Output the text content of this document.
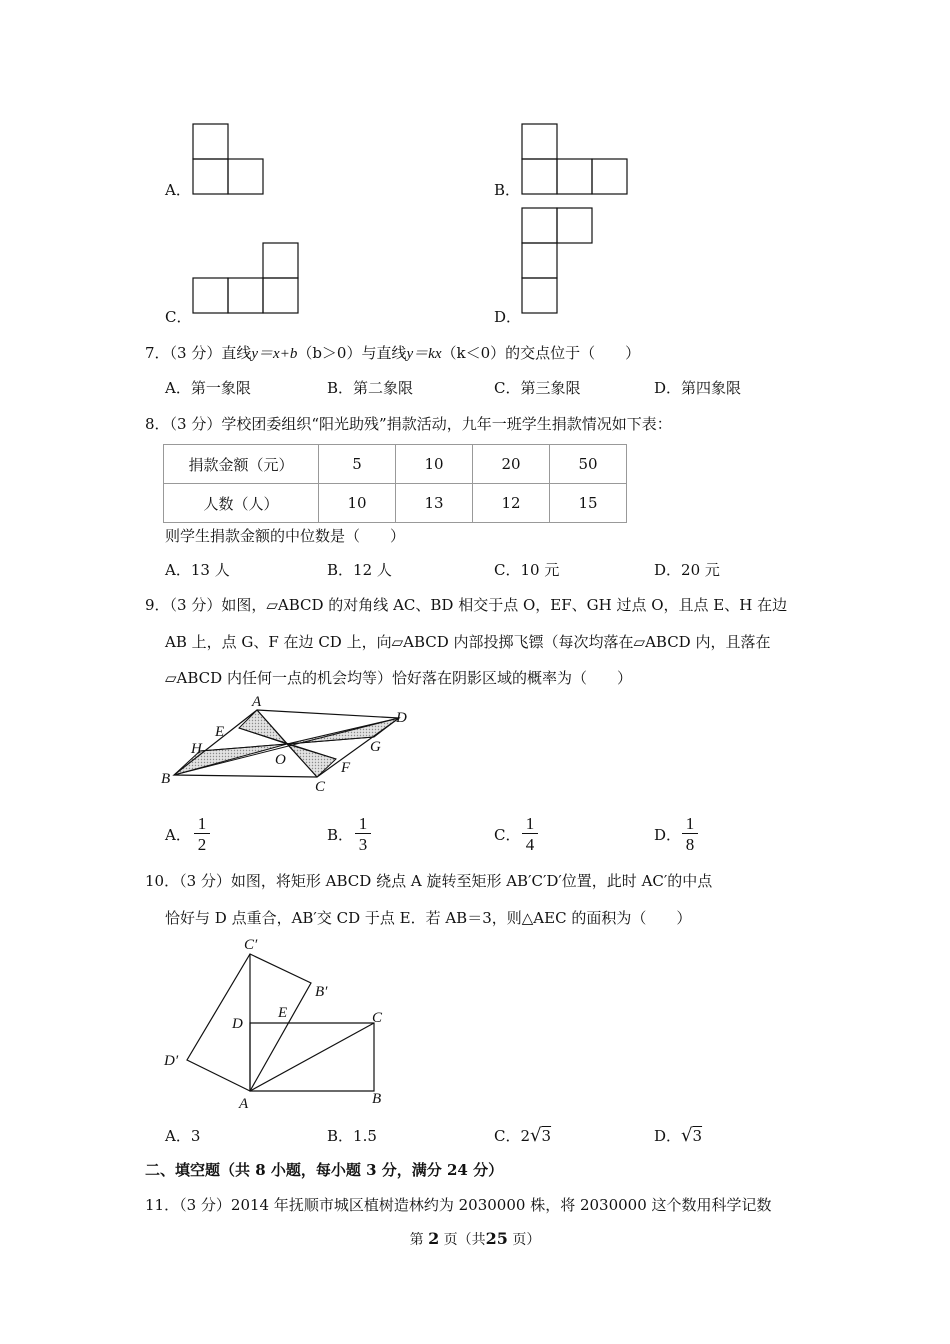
A．	B．
C．	D．
7．（3 分）直线y＝x+b（b＞0）与直线y＝kx（k＜0）的交点位于（　　）
A．第一象限	B．第二象限	C．第三象限	D．第四象限
8．（3 分）学校团委组织“阳光助残”捐款活动，九年一班学生捐款情况如下表：
捐款金额（元）	5	10	20	50
人数（人）	10	13	12	15
则学生捐款金额的中位数是（　　）
A．13 人	B．12 人	C．10 元	D．20 元
9．（3 分）如图，▱ABCD 的对角线 AC、BD 相交于点 O，EF、GH 过点 O，且点 E、H 在边
AB 上，点 G、F 在边 CD 上，向▱ABCD 内部投掷飞镖（每次均落在▱ABCD 内，且落在
▱ABCD 内任何一点的机会均等）恰好落在阴影区域的概率为（　　）
A
E
H
B
O
C
F
G
D
A． $\frac{1}{2}$	B． $\frac{1}{3}$	C． $\frac{1}{4}$	D． $\frac{1}{8}$
10．（3 分）如图，将矩形 ABCD 绕点 A 旋转至矩形 AB′C′D′位置，此时 AC′的中点
恰好与 D 点重合，AB′交 CD 于点 E．若 AB＝3，则△AEC 的面积为（　　）
C′
B′
E
D	C
D′
A	B
A．3	B．1.5	C．2√3	D．√3
二、填空题（共 8 小题，每小题 3 分，满分 24 分）
11．（3 分）2014 年抚顺市城区植树造林约为 2030000 株，将 2030000 这个数用科学记数
第 2 页（共25 页）
